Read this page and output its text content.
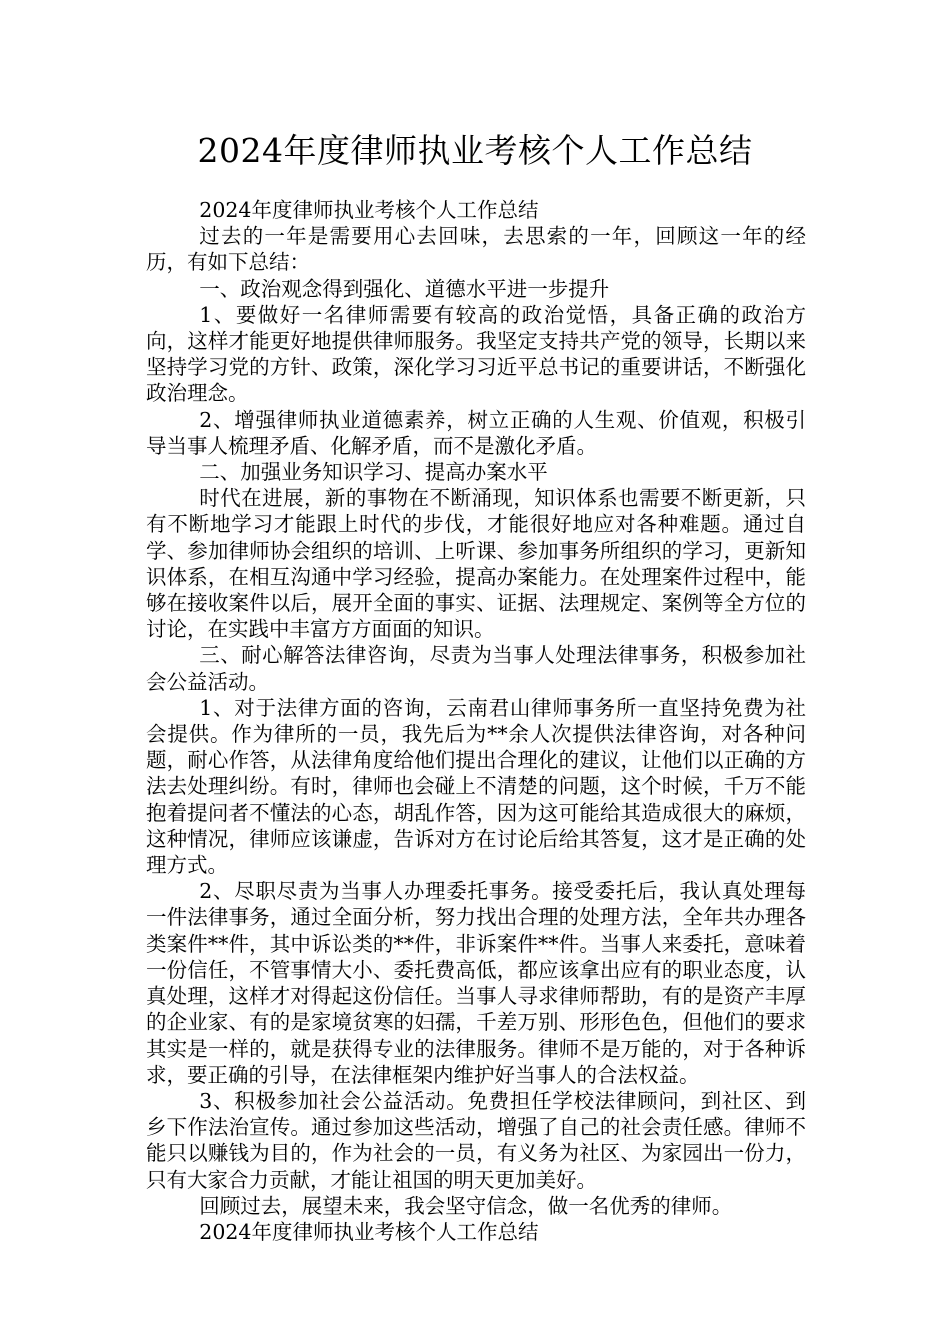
2024年度律师执业考核个人工作总结

2024年度律师执业考核个人工作总结

过去的一年是需要用心去回味，去思索的一年，回顾这一年的经历，有如下总结：

一、政治观念得到强化、道德水平进一步提升

1、要做好一名律师需要有较高的政治觉悟，具备正确的政治方向，这样才能更好地提供律师服务。我坚定支持共产党的领导，长期以来坚持学习党的方针、政策，深化学习习近平总书记的重要讲话，不断强化政治理念。

2、增强律师执业道德素养，树立正确的人生观、价值观，积极引导当事人梳理矛盾、化解矛盾，而不是激化矛盾。

二、加强业务知识学习、提高办案水平

时代在进展，新的事物在不断涌现，知识体系也需要不断更新，只有不断地学习才能跟上时代的步伐，才能很好地应对各种难题。通过自学、参加律师协会组织的培训、上听课、参加事务所组织的学习，更新知识体系，在相互沟通中学习经验，提高办案能力。在处理案件过程中，能够在接收案件以后，展开全面的事实、证据、法理规定、案例等全方位的讨论，在实践中丰富方方面面的知识。

三、耐心解答法律咨询，尽责为当事人处理法律事务，积极参加社会公益活动。

1、对于法律方面的咨询，云南君山律师事务所一直坚持免费为社会提供。作为律所的一员，我先后为**余人次提供法律咨询，对各种问题，耐心作答，从法律角度给他们提出合理化的建议，让他们以正确的方法去处理纠纷。有时，律师也会碰上不清楚的问题，这个时候，千万不能抱着提问者不懂法的心态，胡乱作答，因为这可能给其造成很大的麻烦，这种情况，律师应该谦虚，告诉对方在讨论后给其答复，这才是正确的处理方式。

2、尽职尽责为当事人办理委托事务。接受委托后，我认真处理每一件法律事务，通过全面分析，努力找出合理的处理方法，全年共办理各类案件**件，其中诉讼类的**件，非诉案件**件。当事人来委托，意味着一份信任，不管事情大小、委托费高低，都应该拿出应有的职业态度，认真处理，这样才对得起这份信任。当事人寻求律师帮助，有的是资产丰厚的企业家、有的是家境贫寒的妇孺，千差万别、形形色色，但他们的要求其实是一样的，就是获得专业的法律服务。律师不是万能的，对于各种诉求，要正确的引导，在法律框架内维护好当事人的合法权益。

3、积极参加社会公益活动。免费担任学校法律顾问，到社区、到乡下作法治宣传。通过参加这些活动，增强了自己的社会责任感。律师不能只以赚钱为目的，作为社会的一员，有义务为社区、为家园出一份力，只有大家合力贡献，才能让祖国的明天更加美好。

回顾过去，展望未来，我会坚守信念，做一名优秀的律师。

2024年度律师执业考核个人工作总结
